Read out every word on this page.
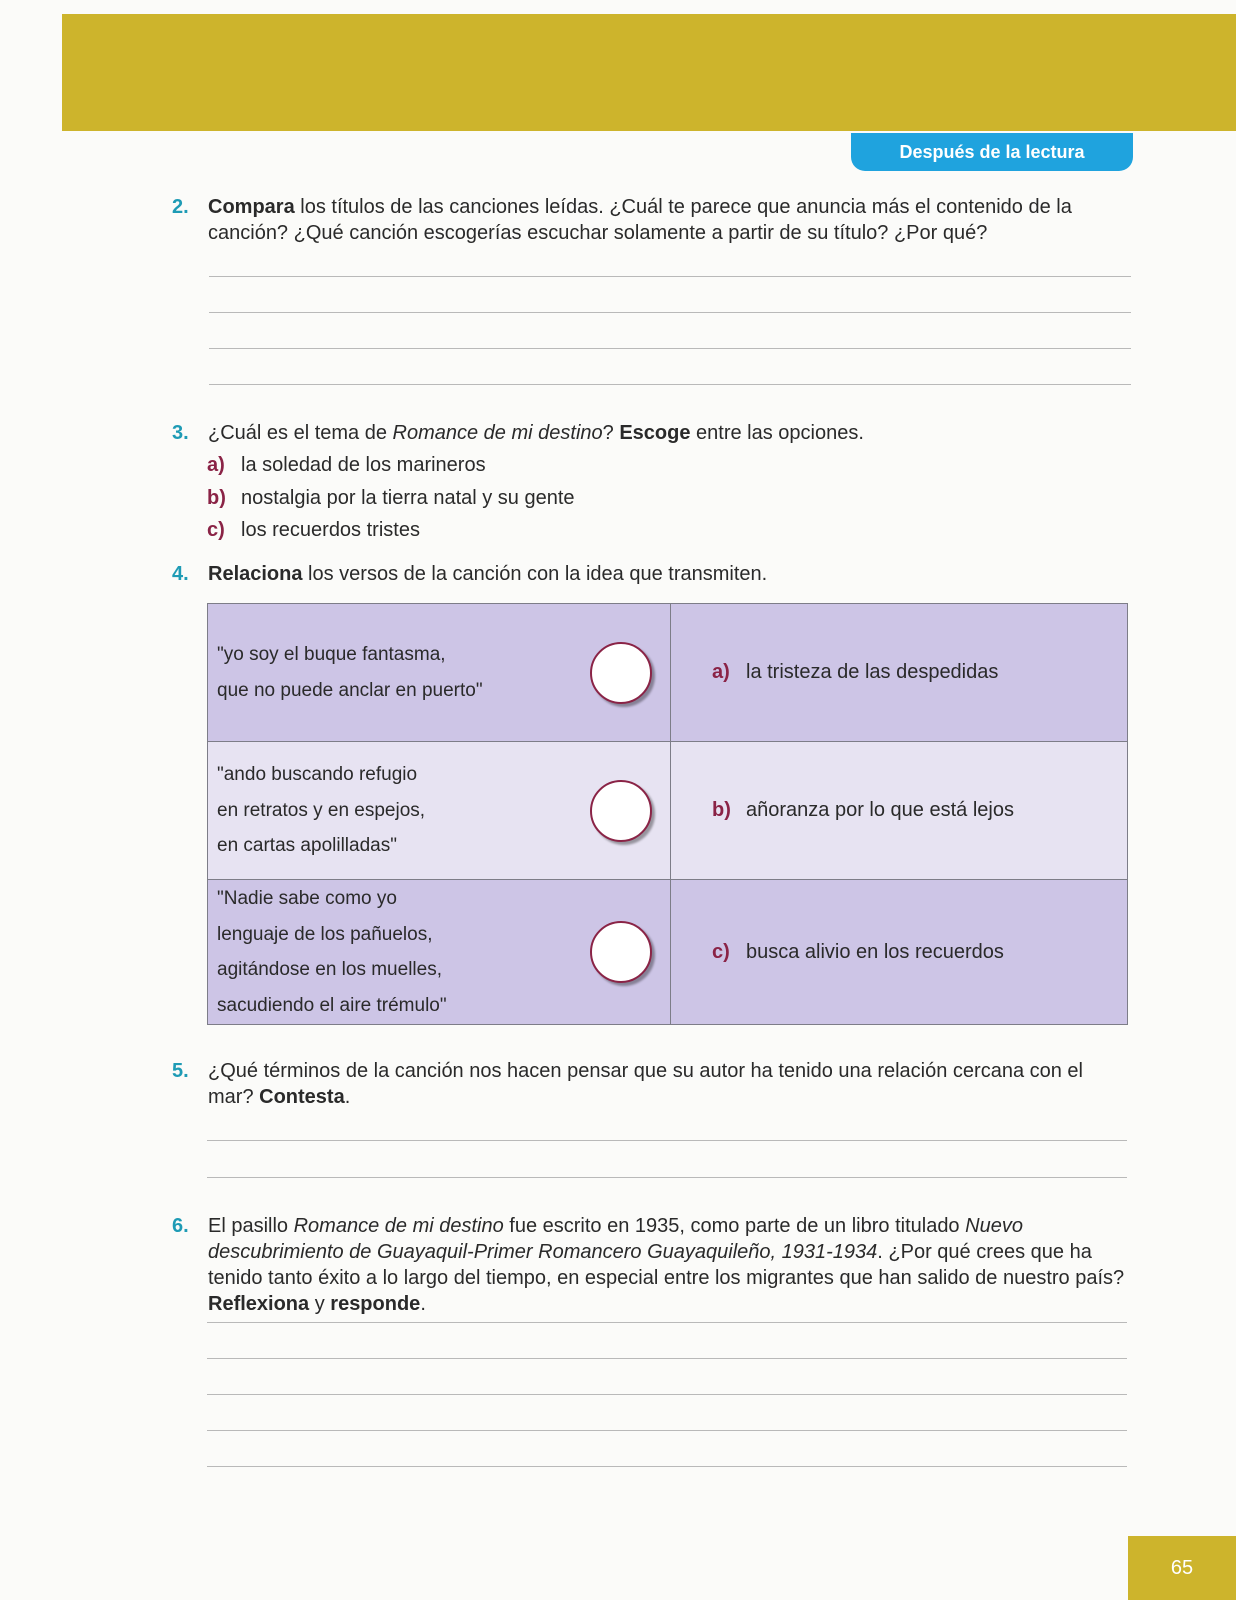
Después de la lectura
2. Compara los títulos de las canciones leídas. ¿Cuál te parece que anuncia más el contenido de la canción? ¿Qué canción escogerías escuchar solamente a partir de su título? ¿Por qué?
3. ¿Cuál es el tema de Romance de mi destino? Escoge entre las opciones.
a) la soledad de los marineros
b) nostalgia por la tierra natal y su gente
c) los recuerdos tristes
4. Relaciona los versos de la canción con la idea que transmiten.
"yo soy el buque fantasma,
que no puede anclar en puerto"	a) la tristeza de las despedidas

"ando buscando refugio
en retratos y en espejos,
en cartas apolilladas"	b) añoranza por lo que está lejos

"Nadie sabe como yo
lenguaje de los pañuelos,
agitándose en los muelles,
sacudiendo el aire trémulo"	c) busca alivio en los recuerdos
5. ¿Qué términos de la canción nos hacen pensar que su autor ha tenido una relación cercana con el mar? Contesta.
6. El pasillo Romance de mi destino fue escrito en 1935, como parte de un libro titulado Nuevo descubrimiento de Guayaquil-Primer Romancero Guayaquileño, 1931-1934. ¿Por qué crees que ha tenido tanto éxito a lo largo del tiempo, en especial entre los migrantes que han salido de nuestro país? Reflexiona y responde.
65
